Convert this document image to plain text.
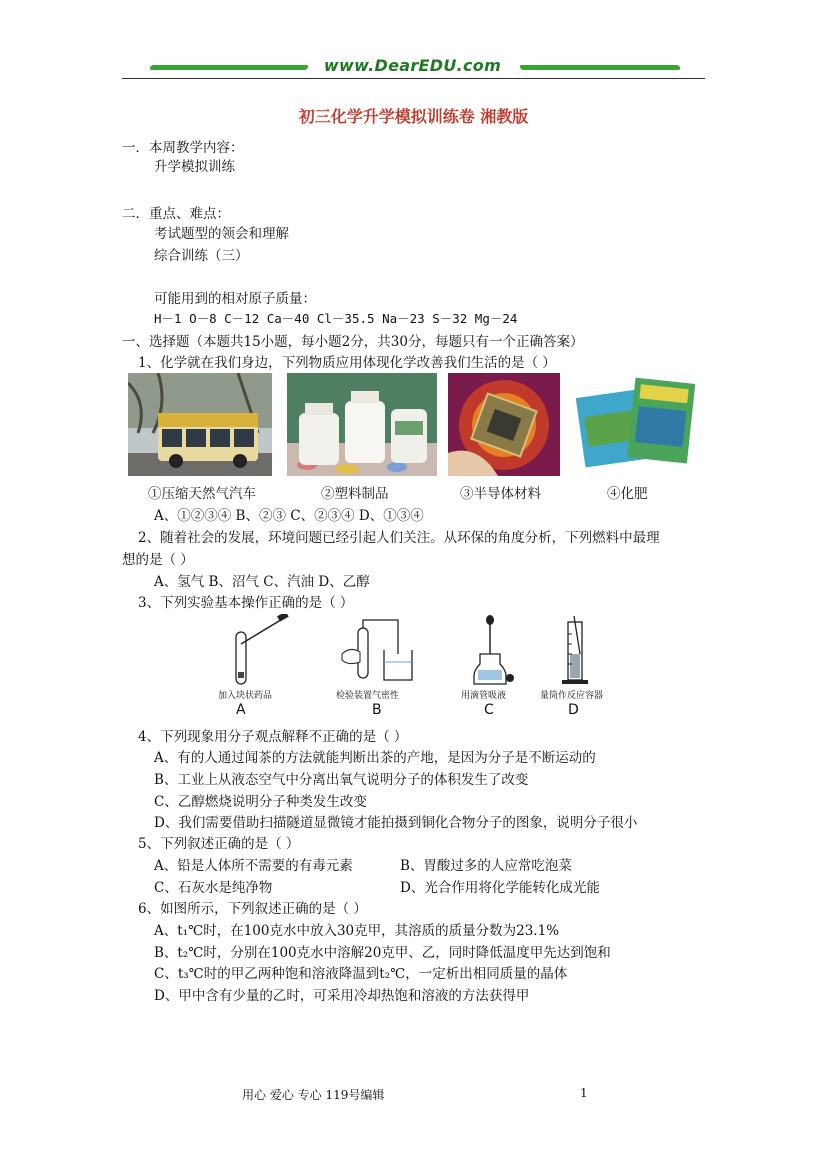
www.DearEDU.com
初三化学升学模拟训练卷 湘教版
一．本周教学内容：
升学模拟训练
二．重点、难点：
考试题型的领会和理解
综合训练（三）
可能用到的相对原子质量：
H－1 O－8 C－12 Ca－40 Cl－35.5 Na－23 S－32 Mg－24
一、选择题（本题共15小题，每小题2分，共30分，每题只有一个正确答案）
1、化学就在我们身边，下列物质应用体现化学改善我们生活的是（ ）
①压缩天然气汽车	②塑料制品	③半导体材料	④化肥
A、①②③④ B、②③ C、②③④ D、①③④
2、随着社会的发展，环境问题已经引起人们关注。从环保的角度分析，下列燃料中最理
想的是（ ）
A、氢气 B、沼气 C、汽油 D、乙醇
3、下列实验基本操作正确的是（ ）
加入块状药品	检验装置气密性	用滴管吸液	量筒作反应容器
A	B	C	D
4、下列现象用分子观点解释不正确的是（ ）
A、有的人通过闻茶的方法就能判断出茶的产地，是因为分子是不断运动的
B、工业上从液态空气中分离出氧气说明分子的体积发生了改变
C、乙醇燃烧说明分子种类发生改变
D、我们需要借助扫描隧道显微镜才能拍摄到铜化合物分子的图象，说明分子很小
5、下列叙述正确的是（ ）
A、铅是人体所不需要的有毒元素	B、胃酸过多的人应常吃泡菜
C、石灰水是纯净物	D、光合作用将化学能转化成光能
6、如图所示，下列叙述正确的是（ ）
A、t₁℃时，在100克水中放入30克甲，其溶质的质量分数为23.1%
B、t₂℃时，分别在100克水中溶解20克甲、乙，同时降低温度甲先达到饱和
C、t₃℃时的甲乙两种饱和溶液降温到t₂℃，一定析出相同质量的晶体
D、甲中含有少量的乙时，可采用冷却热饱和溶液的方法获得甲
用心 爱心 专心 119号编辑	1
